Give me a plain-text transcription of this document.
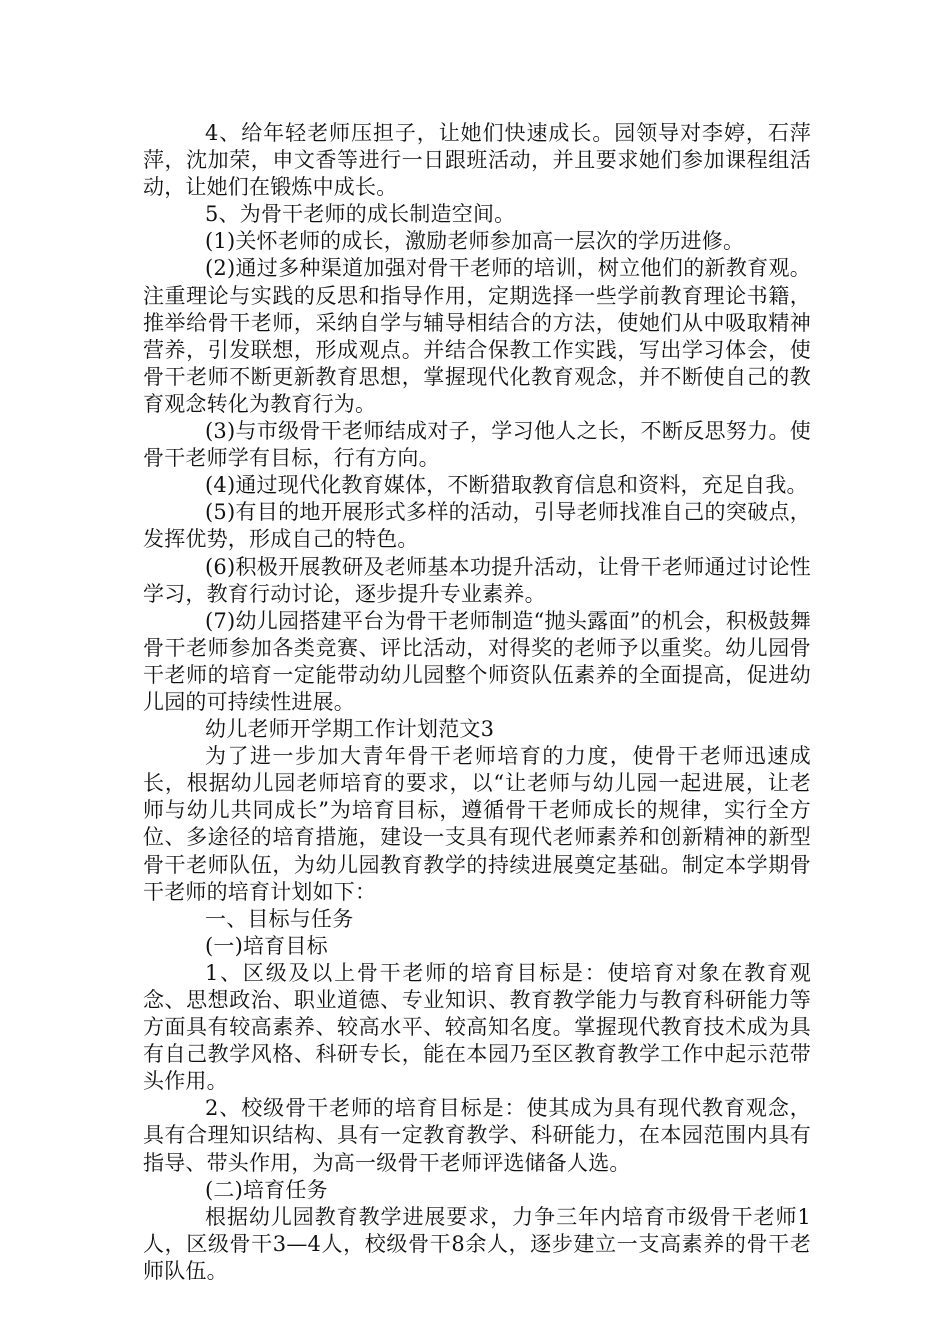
4、给年轻老师压担子，让她们快速成长。园领导对李婷，石萍萍，沈加荣，申文香等进行一日跟班活动，并且要求她们参加课程组活动，让她们在锻炼中成长。

5、为骨干老师的成长制造空间。

(1)关怀老师的成长，激励老师参加高一层次的学历进修。

(2)通过多种渠道加强对骨干老师的培训，树立他们的新教育观。注重理论与实践的反思和指导作用，定期选择一些学前教育理论书籍，推举给骨干老师，采纳自学与辅导相结合的方法，使她们从中吸取精神营养，引发联想，形成观点。并结合保教工作实践，写出学习体会，使骨干老师不断更新教育思想，掌握现代化教育观念，并不断使自己的教育观念转化为教育行为。

(3)与市级骨干老师结成对子，学习他人之长，不断反思努力。使骨干老师学有目标，行有方向。

(4)通过现代化教育媒体，不断猎取教育信息和资料，充足自我。

(5)有目的地开展形式多样的活动，引导老师找准自己的突破点，发挥优势，形成自己的特色。

(6)积极开展教研及老师基本功提升活动，让骨干老师通过讨论性学习，教育行动讨论，逐步提升专业素养。

(7)幼儿园搭建平台为骨干老师制造“抛头露面”的机会，积极鼓舞骨干老师参加各类竞赛、评比活动，对得奖的老师予以重奖。幼儿园骨干老师的培育一定能带动幼儿园整个师资队伍素养的全面提高，促进幼儿园的可持续性进展。

幼儿老师开学期工作计划范文3

为了进一步加大青年骨干老师培育的力度，使骨干老师迅速成长，根据幼儿园老师培育的要求，以“让老师与幼儿园一起进展，让老师与幼儿共同成长”为培育目标，遵循骨干老师成长的规律，实行全方位、多途径的培育措施，建设一支具有现代老师素养和创新精神的新型骨干老师队伍，为幼儿园教育教学的持续进展奠定基础。制定本学期骨干老师的培育计划如下：

一、目标与任务

(一)培育目标

1、区级及以上骨干老师的培育目标是：使培育对象在教育观念、思想政治、职业道德、专业知识、教育教学能力与教育科研能力等方面具有较高素养、较高水平、较高知名度。掌握现代教育技术成为具有自己教学风格、科研专长，能在本园乃至区教育教学工作中起示范带头作用。

2、校级骨干老师的培育目标是：使其成为具有现代教育观念，具有合理知识结构、具有一定教育教学、科研能力，在本园范围内具有指导、带头作用，为高一级骨干老师评选储备人选。

(二)培育任务

根据幼儿园教育教学进展要求，力争三年内培育市级骨干老师1人，区级骨干3—4人，校级骨干8余人，逐步建立一支高素养的骨干老师队伍。
